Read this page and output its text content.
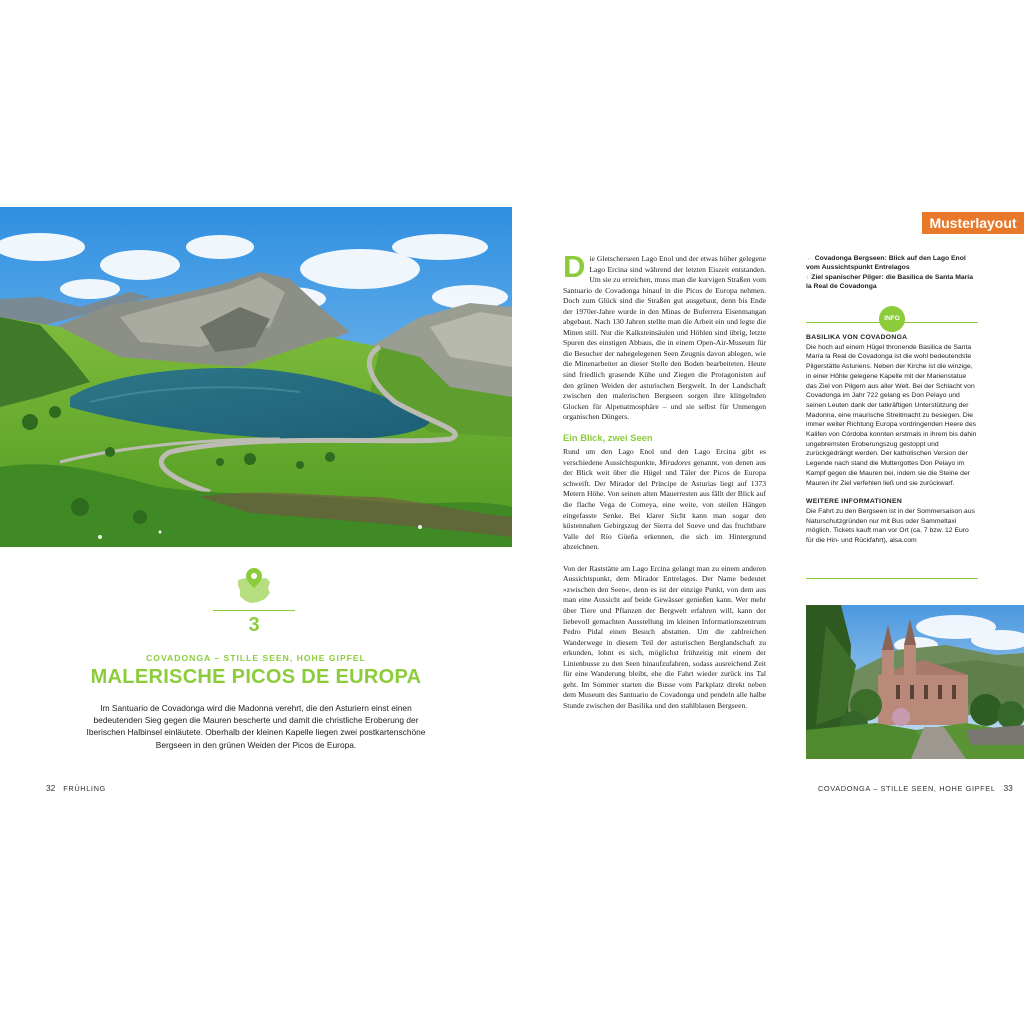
3
COVADONGA – STILLE SEEN, HOHE GIPFEL
MALERISCHE PICOS DE EUROPA
Im Santuario de Covadonga wird die Madonna verehrt, die den Asturiern einst einen bedeutenden Sieg gegen die Mauren bescherte und damit die christliche Eroberung der Iberischen Halbinsel einläutete. Oberhalb der kleinen Kapelle liegen zwei postkartenschöne Bergseen in den grünen Weiden der Picos de Europa.
32 FRÜHLING

Die Gletscherseen Lago Enol und der etwas höher gelegene Lago Ercina sind während der letzten Eiszeit entstanden. Um sie zu erreichen, muss man die kurvigen Straßen vom Santuario de Covadonga hinauf in die Picos de Europa nehmen. Doch zum Glück sind die Straßen gut ausgebaut, denn bis Ende der 1970er-Jahre wurde in den Minas de Buferrera Eisenmangan abgebaut. Nach 130 Jahren stellte man die Arbeit ein und legte die Minen still. Nur die Kalksteinsäulen und Höhlen sind übrig, letzte Spuren des einstigen Abbaus, die in einem Open-Air-Museum für die Besucher der nahegelegenen Seen Zeugnis davon ablegen, wie die Minenarbeiter an dieser Stelle den Boden bearbeiteten. Heute sind friedlich grasende Kühe und Ziegen die Protagonisten auf den grünen Weiden der asturischen Bergwelt. In der Landschaft zwischen den malerischen Bergseen sorgen ihre klingelnden Glocken für Alpenatmosphäre – und sie selbst für Unmengen organischen Düngers.

Ein Blick, zwei Seen

Rund um den Lago Enol und den Lago Ercina gibt es verschiedene Aussichtspunkte, Miradores genannt, von denen aus der Blick weit über die Hügel und Täler der Picos de Europa schweift. Der Mirador del Príncipe de Asturias liegt auf 1373 Metern Höhe. Von seinen alten Mauerresten aus fällt der Blick auf die flache Vega de Comeya, eine weite, von steilen Hängen eingefasste Senke. Bei klarer Sicht kann man sogar den küstennahen Gebirgszug der Sierra del Sueve und das fruchtbare Valle del Río Güeña erkennen, die sich im Hintergrund abzeichnen.

Von der Raststätte am Lago Ercina gelangt man zu einem anderen Aussichtspunkt, dem Mirador Entrelagos. Der Name bedeutet »zwischen den Seen«, denn es ist der einzige Punkt, von dem aus man eine Aussicht auf beide Gewässer genießen kann. Wer mehr über Tiere und Pflanzen der Bergwelt erfahren will, kann der liebevoll gemachten Ausstellung im kleinen Informationszentrum Pedro Pidal einen Besuch abstatten. Um die zahlreichen Wanderwege in diesem Teil der asturischen Berglandschaft zu erkunden, lohnt es sich, möglichst frühzeitig mit einem der Linienbusse zu den Seen hinaufzufahren, sodass ausreichend Zeit für eine Wanderung bleibt, ehe die Fahrt wieder zurück ins Tal geht. Im Sommer starten die Busse vom Parkplatz direkt neben dem Museum des Santuario de Covadonga und pendeln alle halbe Stunde zwischen der Basilika und den stahlblauen Bergseen.

Musterlayout
← Covadonga Bergseen: Blick auf den Lago Enol vom Aussichtspunkt Entrelagos
↓ Ziel spanischer Pilger: die Basilica de Santa María la Real de Covadonga
INFO
BASILIKA VON COVADONGA

Die hoch auf einem Hügel thronende Basilica de Santa María la Real de Covadonga ist die wohl bedeutendste Pilgerstätte Asturiens. Neben der Kirche ist die winzige, in einer Höhle gelegene Kapelle mit der Marienstatue das Ziel von Pilgern aus aller Welt. Bei der Schlacht von Covadonga im Jahr 722 gelang es Don Pelayo und seinen Leuten dank der tatkräftigen Unterstützung der Madonna, eine maurische Streitmacht zu besiegen. Die immer weiter Richtung Europa vordringenden Heere des Kalifen von Córdoba konnten erstmals in ihrem bis dahin ungebremsten Eroberungszug gestoppt und zurückgedrängt werden. Der katholischen Version der Legende nach stand die Muttergottes Don Pelayo im Kampf gegen die Mauren bei, indem sie die Steine der Mauren ihr Ziel verfehlen ließ und sie zurückwarf.

WEITERE INFORMATIONEN

Die Fahrt zu den Bergseen ist in der Sommersaison aus Naturschutzgründen nur mit Bus oder Sammeltaxi möglich. Tickets kauft man vor Ort (ca. 7 bzw. 12 Euro für die Hin- und Rückfahrt), alsa.com

COVADONGA – STILLE SEEN, HOHE GIPFEL 33
